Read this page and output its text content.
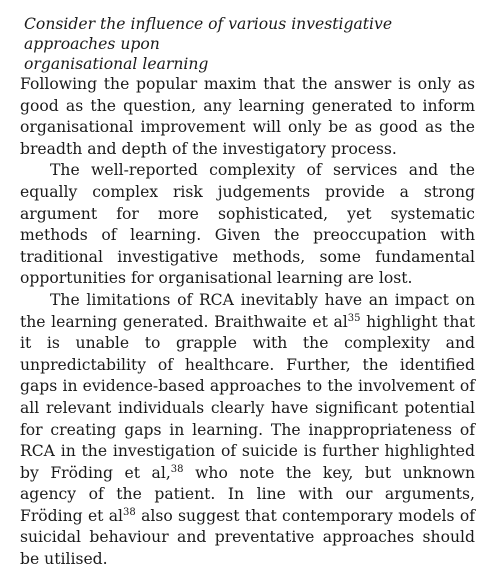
Consider the influence of various investigative approaches upon
organisational learning

Following the popular maxim that the answer is only as good as the question, any learning generated to inform organisational improvement will only be as good as the breadth and depth of the investigatory process.

The well-reported complexity of services and the equally complex risk judgements provide a strong argument for more sophisticated, yet systematic methods of learning. Given the preoccupation with traditional investigative methods, some fundamental opportunities for organisational learning are lost.

The limitations of RCA inevitably have an impact on the learning generated. Braithwaite et $al^{35}$ highlight that it is unable to grapple with the complexity and unpredictability of healthcare. Further, the identified gaps in evidence-based approaches to the involvement of all relevant individuals clearly have significant potential for creating gaps in learning. The inappropriateness of RCA in the investigation of suicide is further highlighted by Fröding et al,$^{38}$ who note the key, but unknown agency of the patient. In line with our arguments, Fröding et $al^{38}$ also suggest that contemporary models of suicidal behaviour and preventative approaches should be utilised.
